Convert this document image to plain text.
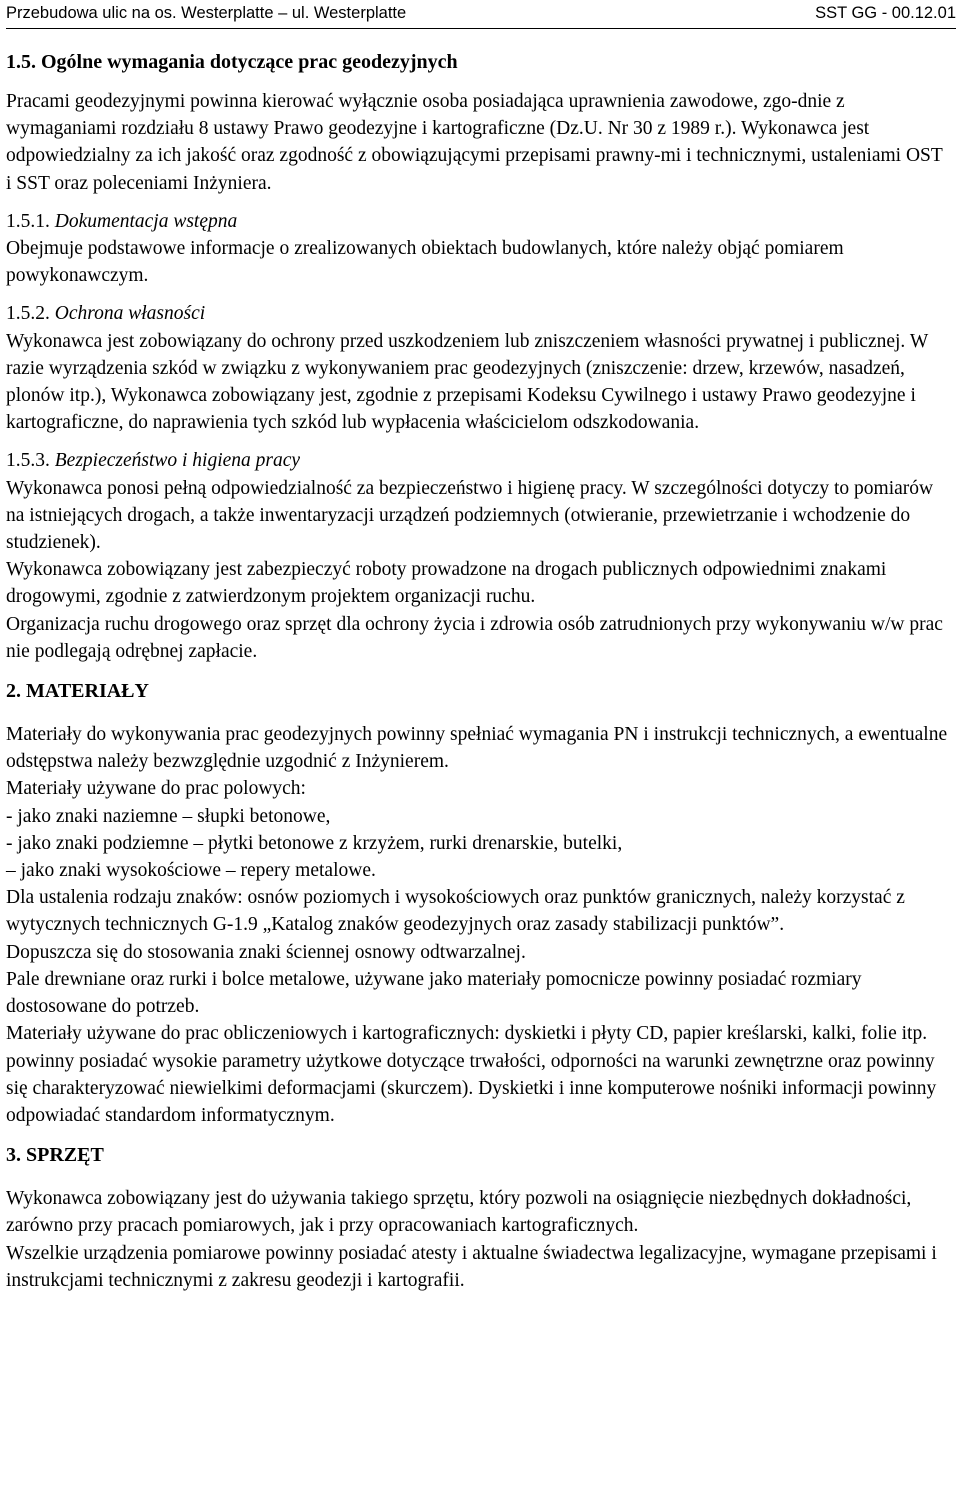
Przebudowa ulic na os. Westerplatte – ul. Westerplatte	SST GG - 00.12.01
1.5. Ogólne wymagania dotyczące prac geodezyjnych

Pracami geodezyjnymi powinna kierować wyłącznie osoba posiadająca uprawnienia zawodowe, zgo-dnie z wymaganiami rozdziału 8 ustawy Prawo geodezyjne i kartograficzne (Dz.U. Nr 30 z 1989 r.). Wykonawca jest odpowiedzialny za ich jakość oraz zgodność z obowiązującymi przepisami prawny-mi i technicznymi, ustaleniami OST i SST oraz poleceniami Inżyniera.

1.5.1. Dokumentacja wstępna

Obejmuje podstawowe informacje o zrealizowanych obiektach budowlanych, które należy objąć pomiarem powykonawczym.

1.5.2. Ochrona własności

Wykonawca jest zobowiązany do ochrony przed uszkodzeniem lub zniszczeniem własności prywatnej i publicznej. W razie wyrządzenia szkód w związku z wykonywaniem prac geodezyjnych (zniszczenie: drzew, krzewów, nasadzeń, plonów itp.), Wykonawca zobowiązany jest, zgodnie z przepisami Kodeksu Cywilnego i ustawy Prawo geodezyjne i kartograficzne, do naprawienia tych szkód lub wypłacenia właścicielom odszkodowania.

1.5.3. Bezpieczeństwo i higiena pracy

Wykonawca ponosi pełną odpowiedzialność za bezpieczeństwo i higienę pracy. W szczególności dotyczy to pomiarów na istniejących drogach, a także inwentaryzacji urządzeń podziemnych (otwieranie, przewietrzanie i wchodzenie do studzienek).

Wykonawca zobowiązany jest zabezpieczyć roboty prowadzone na drogach publicznych odpowiednimi znakami drogowymi, zgodnie z zatwierdzonym projektem organizacji ruchu.

Organizacja ruchu drogowego oraz sprzęt dla ochrony życia i zdrowia osób zatrudnionych przy wykonywaniu w/w prac nie podlegają odrębnej zapłacie.

2. MATERIAŁY

Materiały do wykonywania prac geodezyjnych powinny spełniać wymagania PN i instrukcji technicznych, a ewentualne odstępstwa należy bezwzględnie uzgodnić z Inżynierem.

Materiały używane do prac polowych:

- jako znaki naziemne – słupki betonowe,

- jako znaki podziemne – płytki betonowe z krzyżem, rurki drenarskie, butelki,

– jako znaki wysokościowe – repery metalowe.

Dla ustalenia rodzaju znaków: osnów poziomych i wysokościowych oraz punktów granicznych, należy korzystać z wytycznych technicznych G-1.9 „Katalog znaków geodezyjnych oraz zasady stabilizacji punktów”.

Dopuszcza się do stosowania znaki ściennej osnowy odtwarzalnej.

Pale drewniane oraz rurki i bolce metalowe, używane jako materiały pomocnicze powinny posiadać rozmiary dostosowane do potrzeb.

Materiały używane do prac obliczeniowych i kartograficznych: dyskietki i płyty CD, papier kreślarski, kalki, folie itp. powinny posiadać wysokie parametry użytkowe dotyczące trwałości, odporności na warunki zewnętrzne oraz powinny się charakteryzować niewielkimi deformacjami (skurczem). Dyskietki i inne komputerowe nośniki informacji powinny odpowiadać standardom informatycznym.

3. SPRZĘT

Wykonawca zobowiązany jest do używania takiego sprzętu, który pozwoli na osiągnięcie niezbędnych dokładności, zarówno przy pracach pomiarowych, jak i przy opracowaniach kartograficznych.

Wszelkie urządzenia pomiarowe powinny posiadać atesty i aktualne świadectwa legalizacyjne, wymagane przepisami i instrukcjami technicznymi z zakresu geodezji i kartografii.
